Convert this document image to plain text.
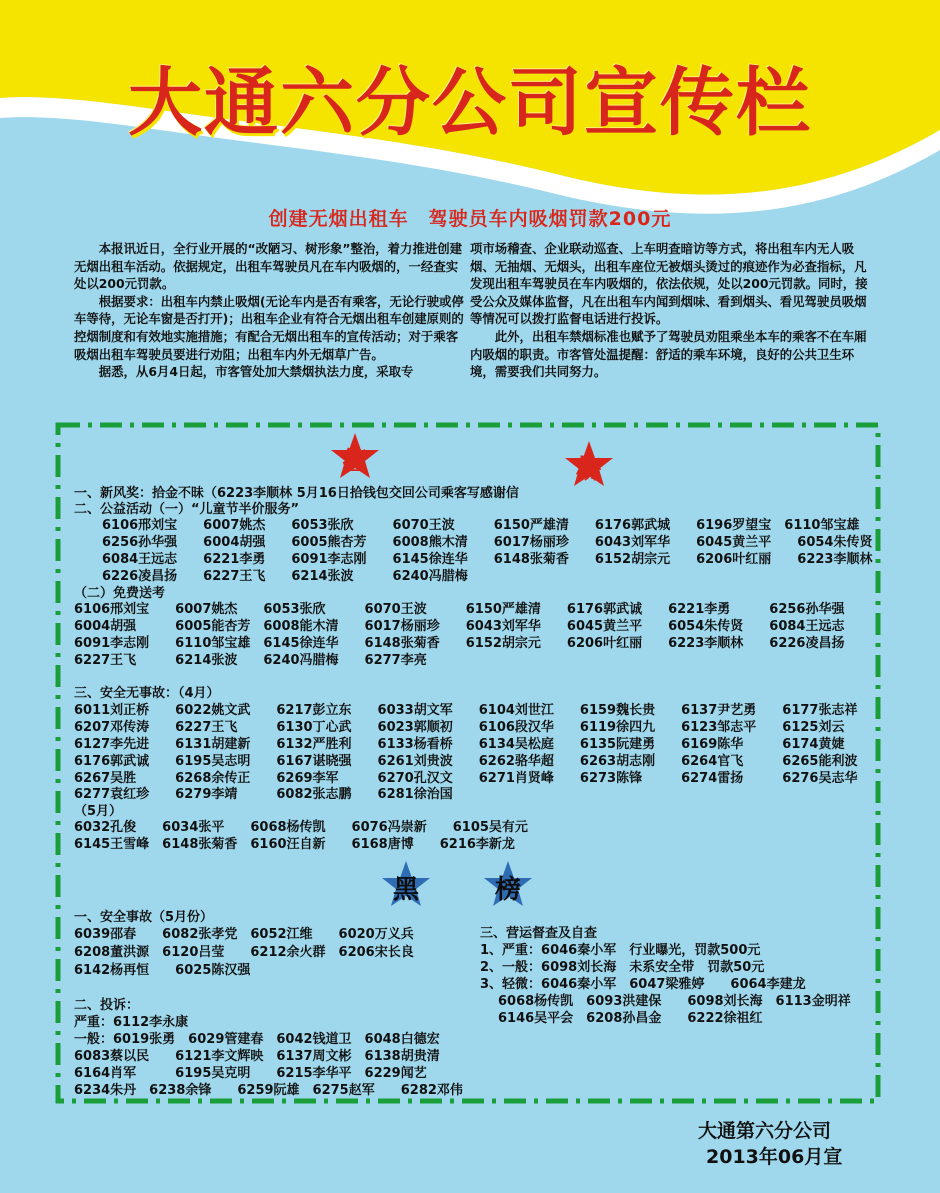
大通六分公司宣传栏
创建无烟出租车　驾驶员车内吸烟罚款200元
　　本报讯近日，全行业开展的“改陋习、树形象”整治，着力推进创建无烟出租车活动。依据规定，出租车驾驶员凡在车内吸烟的，一经查实处以200元罚款。
　　根据要求：出租车内禁止吸烟(无论车内是否有乘客，无论行驶或停车等待，无论车窗是否打开)；出租车企业有符合无烟出租车创建原则的控烟制度和有效地实施措施；有配合无烟出租车的宣传活动；对于乘客吸烟出租车驾驶员要进行劝阻；出租车内外无烟草广告。
　　据悉，从6月4日起，市客管处加大禁烟执法力度，采取专
项市场稽查、企业联动巡查、上车明查暗访等方式，将出租车内无人吸烟、无抽烟、无烟头，出租车座位无被烟头烫过的痕迹作为必查指标，凡发现出租车驾驶员在车内吸烟的，依法依规，处以200元罚款。同时，接受公众及媒体监督，凡在出租车内闻到烟味、看到烟头、看见驾驶员吸烟等情况可以拨打监督电话进行投诉。
　　此外，出租车禁烟标准也赋予了驾驶员劝阻乘坐本车的乘客不在车厢内吸烟的职责。市客管处温提醒：舒适的乘车环境，良好的公共卫生环境，需要我们共同努力。
红	榜
一、新风奖：拾金不昧（6223李顺林 5月16日拾钱包交回公司乘客写感谢信
二、公益活动（一）“儿童节半价服务”
6106邢刘宝　　6007姚杰　　6053张欣　　　6070王波　　　6150严雄清　　6176郭武城　　6196罗望宝　6110邹宝雄
6256孙华强　　6004胡强　　6005熊杏芳　　6008熊木清　　6017杨丽珍　　6043刘军华　　6045黄兰平　　6054朱传贤
6084王远志　　6221李勇　　6091李志刚　　6145徐连华　　6148张菊香　　6152胡宗元　　6206叶红丽　　6223李顺林
6226凌昌扬　　6227王飞　　6214张波　　　6240冯腊梅
（二）免费送考
6106邢刘宝　　6007姚杰　　6053张欣　　　6070王波　　　6150严雄清　　6176郭武诚　　6221李勇　　　6256孙华强
6004胡强　　　6005能杏芳　6008能木清　　6017杨丽珍　　6043刘军华　　6045黄兰平　　6054朱传贤　　6084王远志
6091李志刚　　6110邹宝雄　6145徐连华　　6148张菊香　　6152胡宗元　　6206叶红丽　　6223李顺林　　6226凌昌扬
6227王飞　　　6214张波　　6240冯腊梅　　6277李亮
三、安全无事故：（4月）
6011刘正桥　　6022姚文武　　6217彭立东　　6033胡文军　　6104刘世江　　6159魏长贵　　6137尹艺勇　　6177张志祥
6207邓传涛　　6227王飞　　　6130丁心武　　6023郭顺初　　6106段汉华　　6119徐四九　　6123邹志平　　6125刘云
6127李先进　　6131胡建新　　6132严胜利　　6133杨看桥　　6134吴松庭　　6135阮建勇　　6169陈华　　　6174黄婕
6176郭武诚　　6195吴志明　　6167谌晓强　　6261刘贵波　　6262骆华超　　6263胡志刚　　6264官飞　　　6265能利波
6267吴胜　　　6268余传正　　6269李军　　　6270孔汉文　　6271肖贤峰　　6273陈锋　　　6274雷扬　　　6276吴志华
6277袁红珍　　6279李靖　　　6082张志鹏　　6281徐治国
（5月）
6032孔俊　　6034张平　　6068杨传凯　　6076冯崇新　　6105吴有元
6145王雪峰　6148张菊香　6160汪自新　　6168唐博　　6216李新龙
黑	榜
一、安全事故（5月份）
6039邵春　　6082张孝党　6052江维　　6020万义兵
6208董洪源　6120吕莹　　6212余火群　6206宋长良
6142杨再恒　　6025陈汉强
二、投诉：
严重：6112李永康
一般：6019张勇　6029管建春　6042钱道卫　6048白德宏
6083蔡以民　　6121李文辉映　6137周文彬　6138胡贵清
6164肖军　　　6195吴克明　　6215李华平　6229闻艺
6234朱丹　6238余锋　　6259阮雄　6275赵军　　6282邓伟
三、营运督查及自查
1、严重：6046秦小军　行业曝光，罚款500元
2、一般：6098刘长海　未系安全带　罚款50元
3、轻微：6046秦小军　6047梁雅婷　　6064李建龙
6068杨传凯　6093洪建保　　6098刘长海　6113金明祥
6146吴平会　6208孙昌金　　6222徐祖红
大通第六分公司
2013年06月宣
